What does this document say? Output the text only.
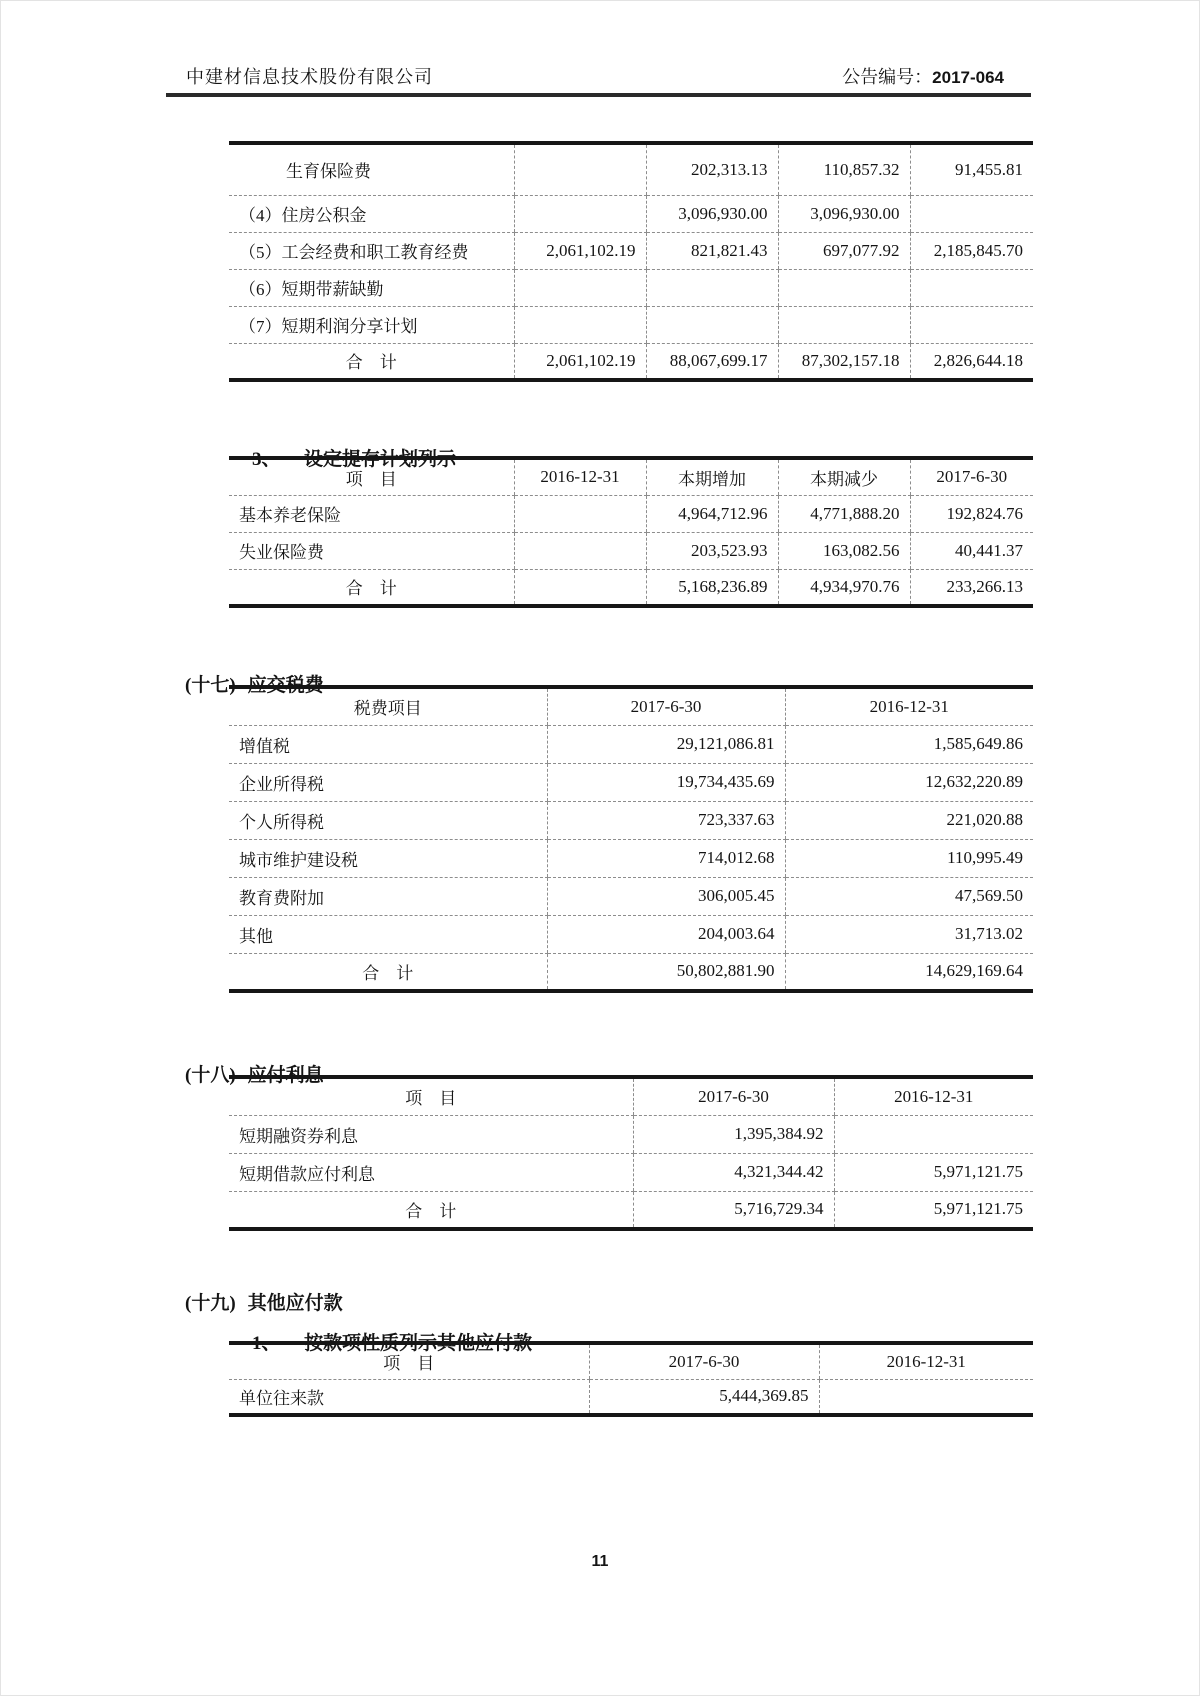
中建材信息技术股份有限公司	公告编号：2017-064
生育保险费		202,313.13	110,857.32	91,455.81
（4）住房公积金		3,096,930.00	3,096,930.00	
（5）工会经费和职工教育经费	2,061,102.19	821,821.43	697,077.92	2,185,845.70
（6）短期带薪缺勤				
（7）短期利润分享计划				
合　计	2,061,102.19	88,067,699.17	87,302,157.18	2,826,644.18

3、 设定提存计划列示

项　目	2016-12-31	本期增加	本期减少	2017-6-30
基本养老保险		4,964,712.96	4,771,888.20	192,824.76
失业保险费		203,523.93	163,082.56	40,441.37
合　计		5,168,236.89	4,934,970.76	233,266.13

(十七) 应交税费

税费项目	2017-6-30	2016-12-31
增值税	29,121,086.81	1,585,649.86
企业所得税	19,734,435.69	12,632,220.89
个人所得税	723,337.63	221,020.88
城市维护建设税	714,012.68	110,995.49
教育费附加	306,005.45	47,569.50
其他	204,003.64	31,713.02
合　计	50,802,881.90	14,629,169.64

(十八) 应付利息

项　目	2017-6-30	2016-12-31
短期融资券利息	1,395,384.92	
短期借款应付利息	4,321,344.42	5,971,121.75
合　计	5,716,729.34	5,971,121.75

(十九) 其他应付款

1、 按款项性质列示其他应付款

项　目	2017-6-30	2016-12-31
单位往来款	5,444,369.85	
11
